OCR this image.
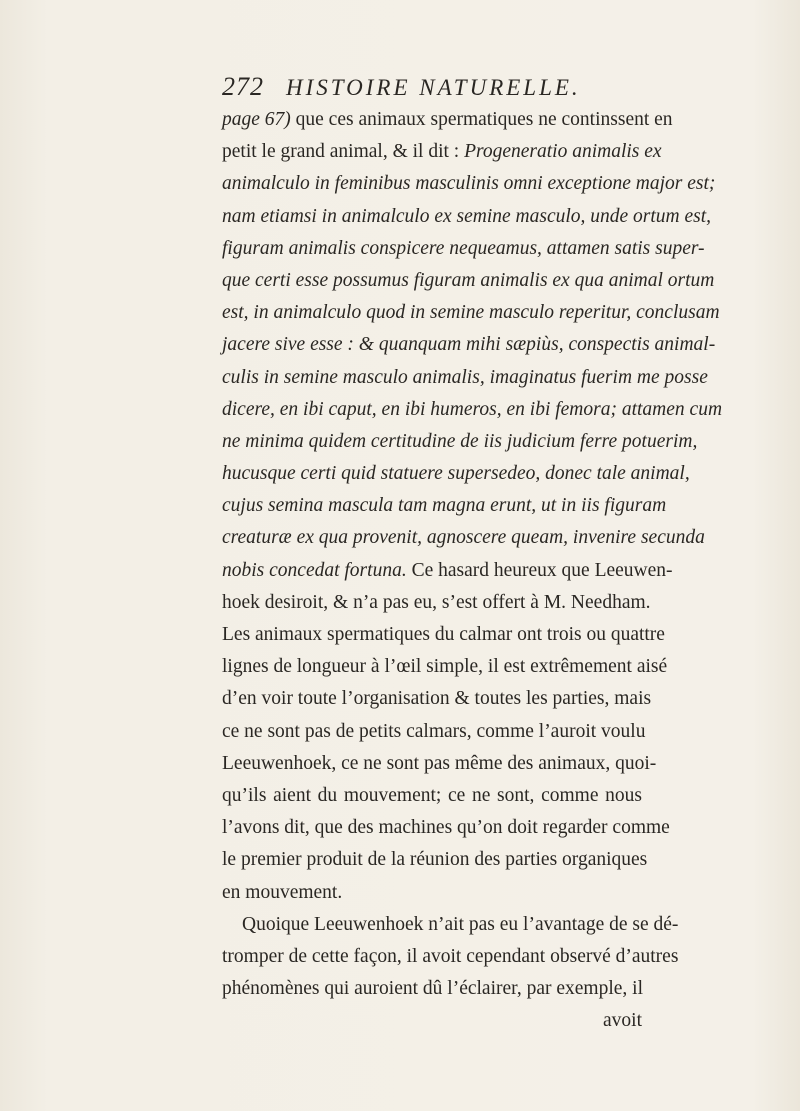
272 HISTOIRE NATURELLE.
page 67) que ces animaux spermatiques ne continssent en
petit le grand animal, & il dit : Progeneratio animalis ex
animalculo in feminibus masculinis omni exceptione major est;
nam etiamsi in animalculo ex semine masculo, unde ortum est,
figuram animalis conspicere nequeamus, attamen satis super-
que certi esse possumus figuram animalis ex qua animal ortum
est, in animalculo quod in semine masculo reperitur, conclusam
jacere sive esse : & quanquam mihi sæpiùs, conspectis animal-
culis in semine masculo animalis, imaginatus fuerim me posse
dicere, en ibi caput, en ibi humeros, en ibi femora; attamen cum
ne minima quidem certitudine de iis judicium ferre potuerim,
hucusque certi quid statuere supersedeo, donec tale animal,
cujus semina mascula tam magna erunt, ut in iis figuram
creaturæ ex qua provenit, agnoscere queam, invenire secunda
nobis concedat fortuna. Ce hasard heureux que Leeuwen-
hoek desiroit, & n’a pas eu, s’est offert à M. Needham.
Les animaux spermatiques du calmar ont trois ou quattre
lignes de longueur à l’œil simple, il est extrêmement aisé
d’en voir toute l’organisation & toutes les parties, mais
ce ne sont pas de petits calmars, comme l’auroit voulu
Leeuwenhoek, ce ne sont pas même des animaux, quoi-
qu’ils aient du mouvement; ce ne sont, comme nous
l’avons dit, que des machines qu’on doit regarder comme
le premier produit de la réunion des parties organiques
en mouvement.
Quoique Leeuwenhoek n’ait pas eu l’avantage de se dé-
tromper de cette façon, il avoit cependant observé d’autres
phénomènes qui auroient dû l’éclairer, par exemple, il
avoit
